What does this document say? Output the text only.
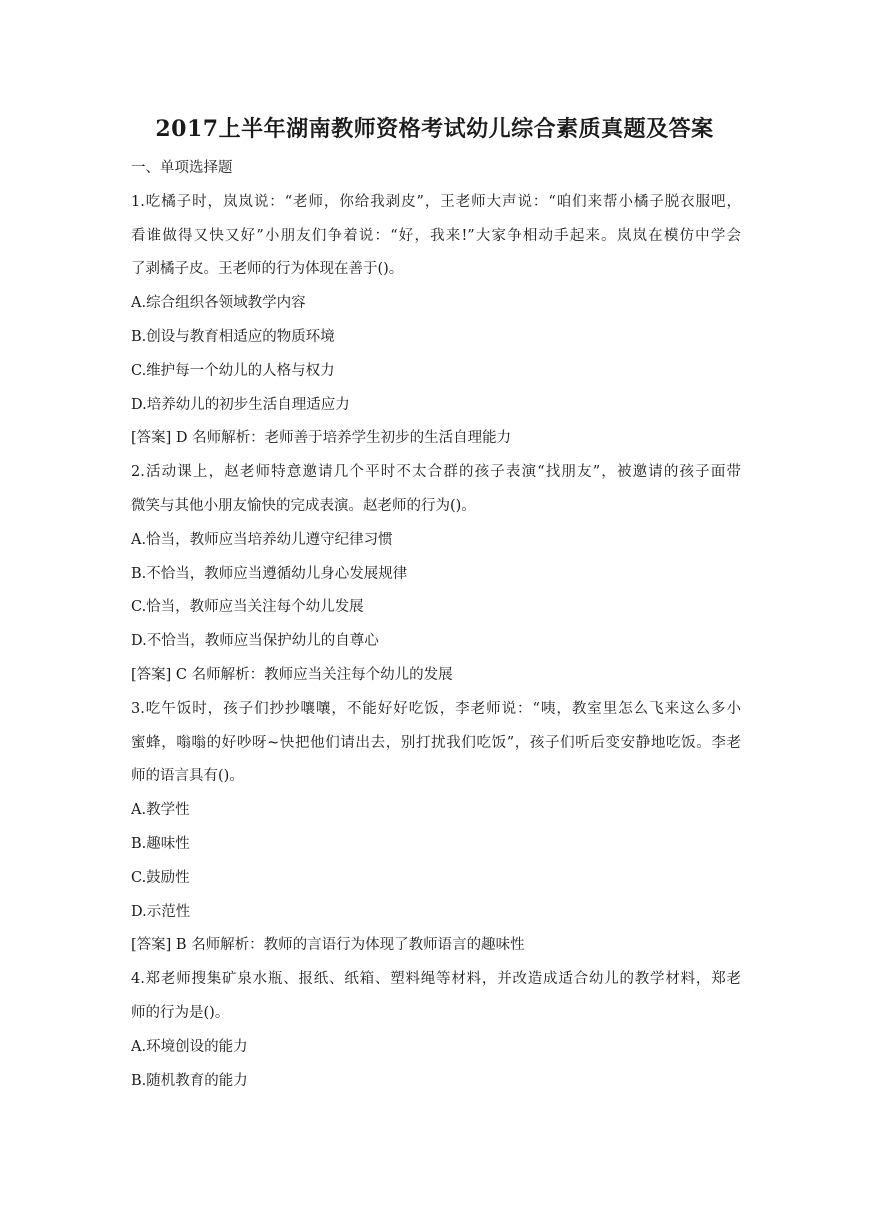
2017上半年湖南教师资格考试幼儿综合素质真题及答案
一、单项选择题
1.吃橘子时，岚岚说：“老师，你给我剥皮”，王老师大声说：“咱们来帮小橘子脱衣服吧，
看谁做得又快又好”小朋友们争着说：“好，我来!”大家争相动手起来。岚岚在模仿中学会
了剥橘子皮。王老师的行为体现在善于()。
A.综合组织各领域教学内容
B.创设与教育相适应的物质环境
C.维护每一个幼儿的人格与权力
D.培养幼儿的初步生活自理适应力
[答案] D 名师解析：老师善于培养学生初步的生活自理能力
2.活动课上，赵老师特意邀请几个平时不太合群的孩子表演“找朋友”，被邀请的孩子面带
微笑与其他小朋友愉快的完成表演。赵老师的行为()。
A.恰当，教师应当培养幼儿遵守纪律习惯
B.不恰当，教师应当遵循幼儿身心发展规律
C.恰当，教师应当关注每个幼儿发展
D.不恰当，教师应当保护幼儿的自尊心
[答案] C 名师解析：教师应当关注每个幼儿的发展
3.吃午饭时，孩子们抄抄嚷嚷，不能好好吃饭，李老师说：“咦，教室里怎么飞来这么多小
蜜蜂，嗡嗡的好吵呀~快把他们请出去，别打扰我们吃饭”，孩子们听后变安静地吃饭。李老
师的语言具有()。
A.教学性
B.趣味性
C.鼓励性
D.示范性
[答案] B 名师解析：教师的言语行为体现了教师语言的趣味性
4.郑老师搜集矿泉水瓶、报纸、纸箱、塑料绳等材料，并改造成适合幼儿的教学材料，郑老
师的行为是()。
A.环境创设的能力
B.随机教育的能力
